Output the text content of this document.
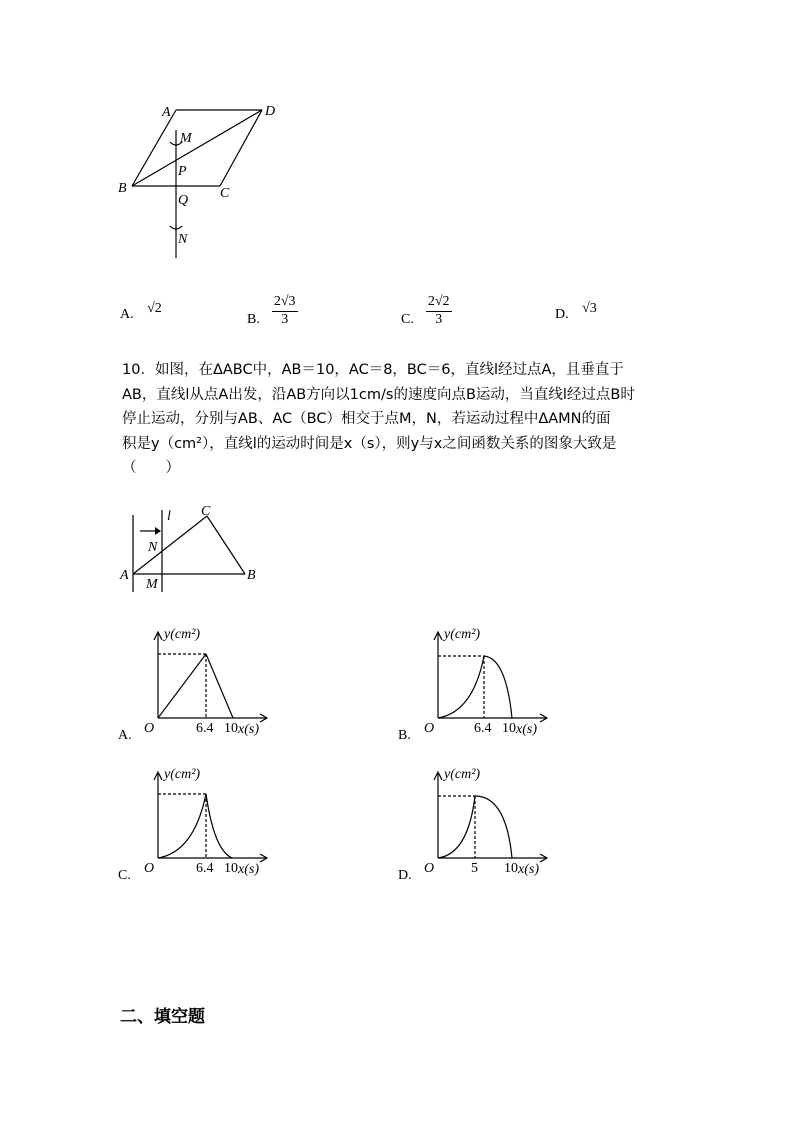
A	D
M
P
B	C
Q
N
A. √2
B. $\frac{2√3}{3}$	C. $\frac{2√2}{3}$	D. √3

10．如图，在ΔABC中，AB＝10，AC＝8，BC＝6，直线l经过点A，且垂直于

AB，直线l从点A出发，沿AB方向以1cm/s的速度向点B运动，当直线l经过点B时

停止运动，分别与AB、AC（BC）相交于点M，N，若运动过程中ΔAMN的面

积是y（cm²），直线l的运动时间是x（s），则y与x之间函数关系的图象大致是

（　　）

l C
N
A
M
B
A.
y(cm²)
O	6.4 10 x(s)	B.
y(cm²)
O	6.4 10 x(s)
C.
y(cm²)
O	6.4 10 x(s)	D.	5
y(cm²)
O	10 x(s)
二、填空题
